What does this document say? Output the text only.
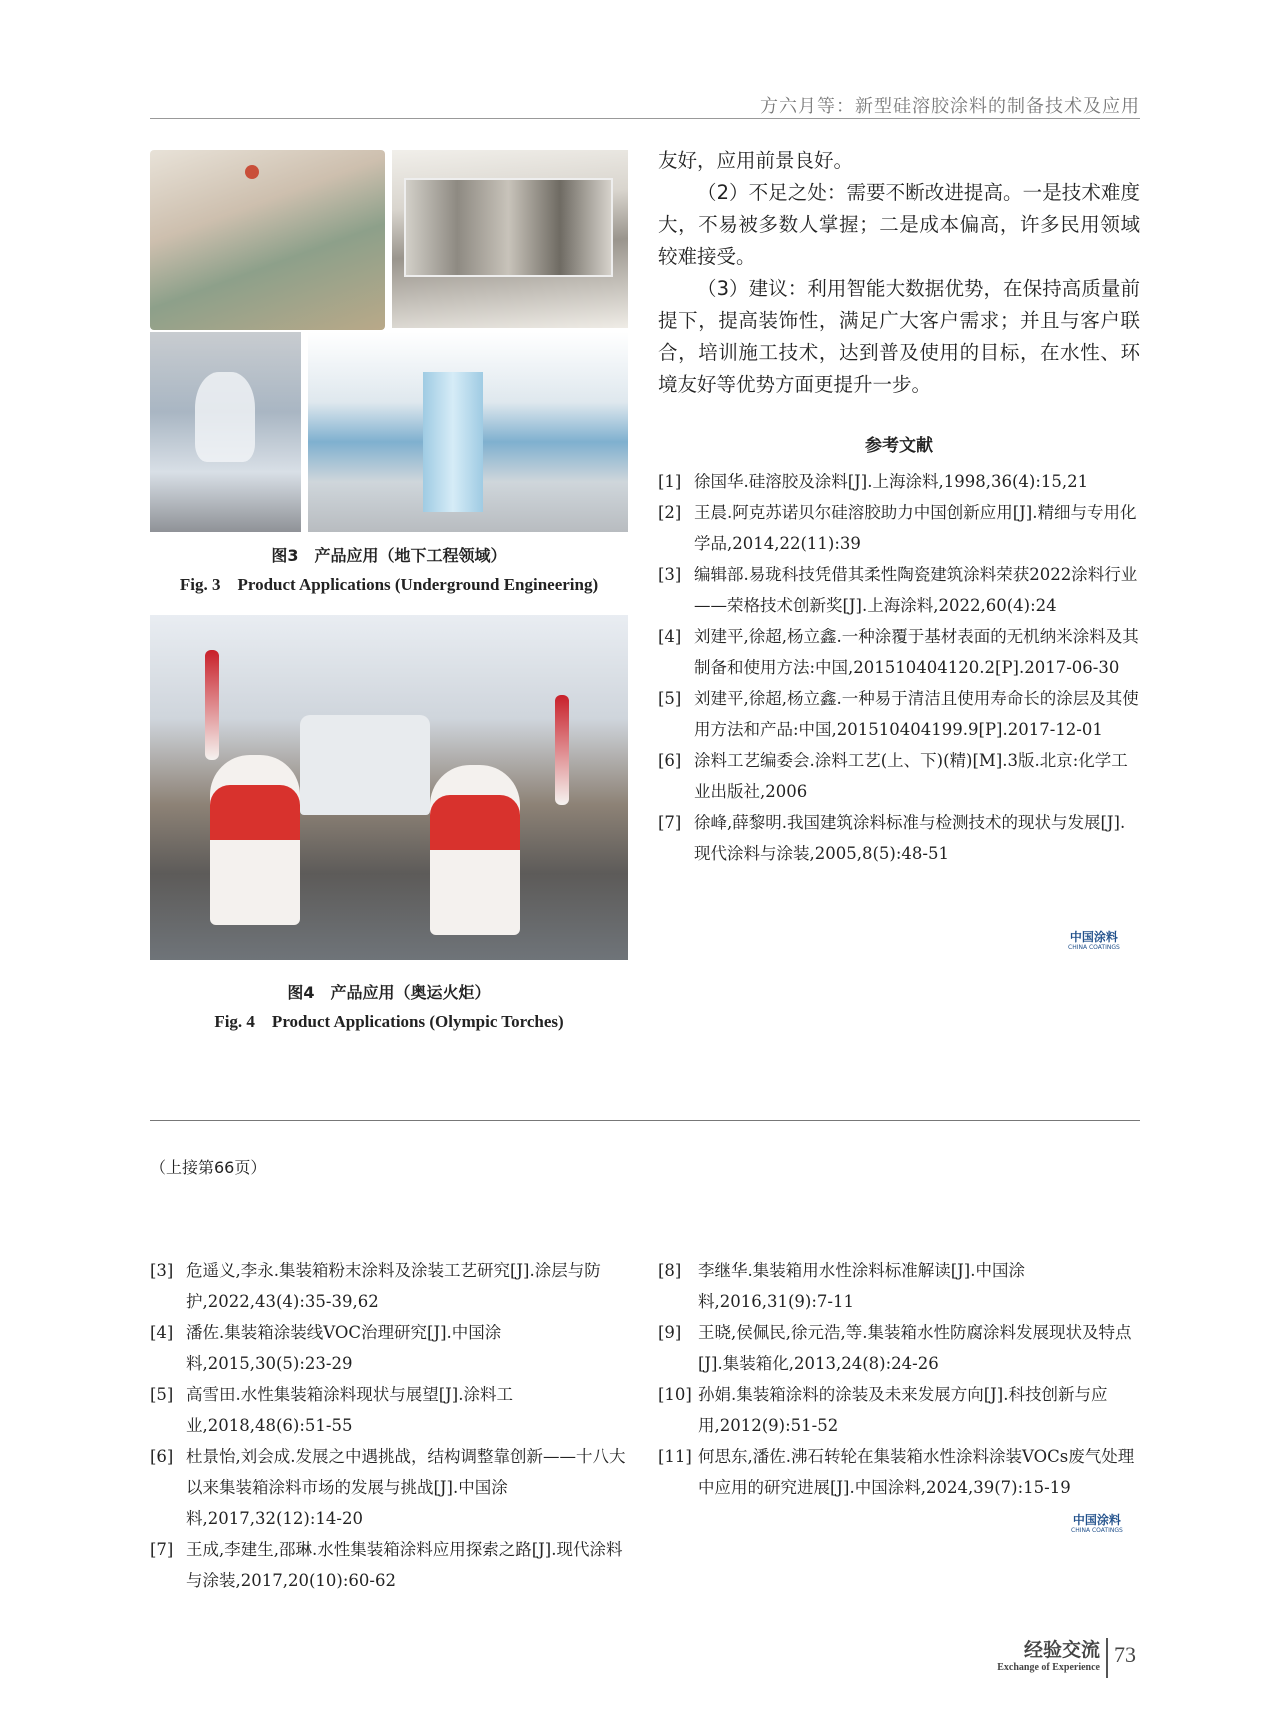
方六月等：新型硅溶胶涂料的制备技术及应用
图3　产品应用（地下工程领域）
Fig. 3　Product Applications (Underground Engineering)
图4　产品应用（奥运火炬）
Fig. 4　Product Applications (Olympic Torches)

友好，应用前景良好。

（2）不足之处：需要不断改进提高。一是技术难度大，不易被多数人掌握；二是成本偏高，许多民用领域较难接受。

（3）建议：利用智能大数据优势，在保持高质量前提下，提高装饰性，满足广大客户需求；并且与客户联合，培训施工技术，达到普及使用的目标，在水性、环境友好等优势方面更提升一步。

参考文献
[1] 徐国华.硅溶胶及涂料[J].上海涂料,1998,36(4):15,21
[2] 王晨.阿克苏诺贝尔硅溶胶助力中国创新应用[J].精细与专用化学品,2014,22(11):39
[3] 编辑部.易珑科技凭借其柔性陶瓷建筑涂料荣获2022涂料行业——荣格技术创新奖[J].上海涂料,2022,60(4):24
[4] 刘建平,徐超,杨立鑫.一种涂覆于基材表面的无机纳米涂料及其制备和使用方法:中国,201510404120.2[P].2017-06-30
[5] 刘建平,徐超,杨立鑫.一种易于清洁且使用寿命长的涂层及其使用方法和产品:中国,201510404199.9[P].2017-12-01
[6] 涂料工艺编委会.涂料工艺(上、下)(精)[M].3版.北京:化学工业出版社,2006
[7] 徐峰,薛黎明.我国建筑涂料标准与检测技术的现状与发展[J].现代涂料与涂装,2005,8(5):48-51
中国涂料
CHINA COATINGS
（上接第66页）
[3] 危遥义,李永.集装箱粉末涂料及涂装工艺研究[J].涂层与防护,2022,43(4):35-39,62
[4] 潘佐.集装箱涂装线VOC治理研究[J].中国涂料,2015,30(5):23-29
[5] 高雪田.水性集装箱涂料现状与展望[J].涂料工业,2018,48(6):51-55
[6] 杜景怡,刘会成.发展之中遇挑战，结构调整靠创新——十八大以来集装箱涂料市场的发展与挑战[J].中国涂料,2017,32(12):14-20
[7] 王成,李建生,邵琳.水性集装箱涂料应用探索之路[J].现代涂料与涂装,2017,20(10):60-62
[8]	李继华.集装箱用水性涂料标准解读[J].中国涂料,2016,31(9):7-11
[9]	王晓,侯佩民,徐元浩,等.集装箱水性防腐涂料发展现状及特点[J].集装箱化,2013,24(8):24-26
[10] 孙娟.集装箱涂料的涂装及未来发展方向[J].科技创新与应用,2012(9):51-52
[11] 何思东,潘佐.沸石转轮在集装箱水性涂料涂装VOCs废气处理中应用的研究进展[J].中国涂料,2024,39(7):15-19
中国涂料
CHINA COATINGS
经验交流
Exchange of Experience
73
